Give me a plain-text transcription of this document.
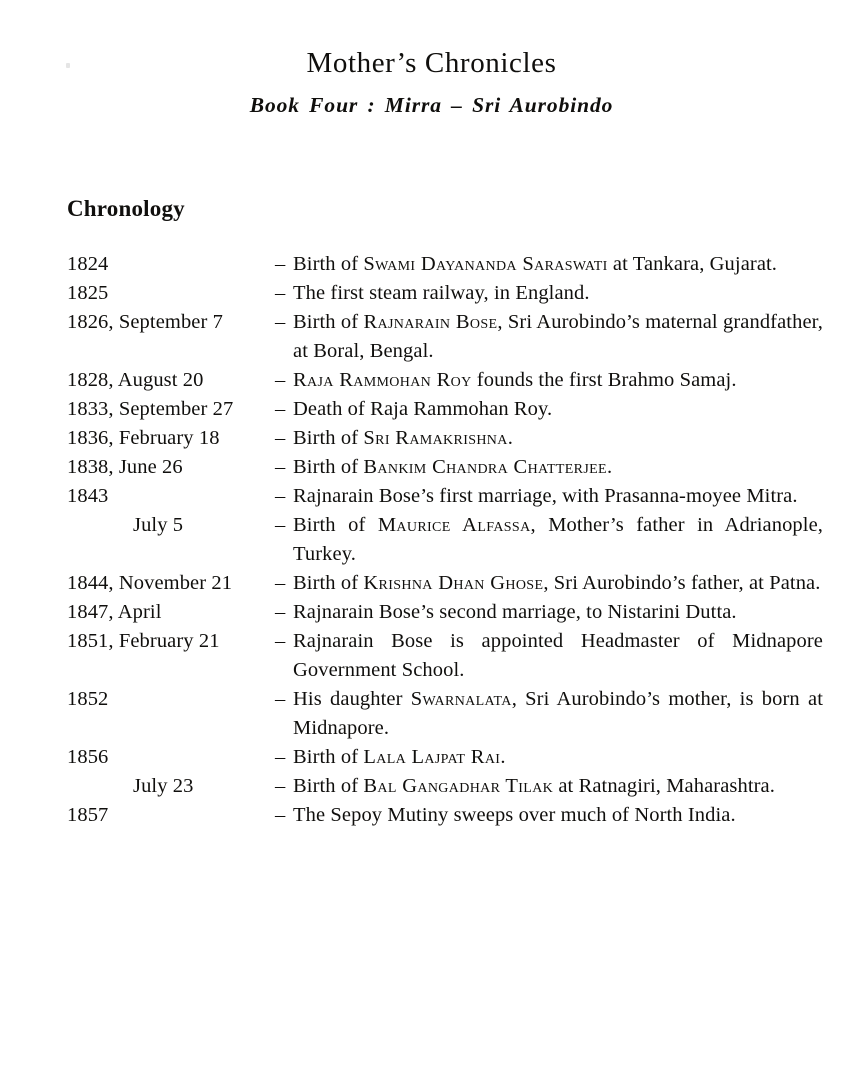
Mother’s Chronicles
Book Four : Mirra – Sri Aurobindo
Chronology
1824	– Birth of Swami Dayananda Saraswati at Tankara, Gujarat.
1825	– The first steam railway, in England.
1826, September 7	– Birth of Rajnarain Bose, Sri Aurobindo’s maternal grandfather, at Boral, Bengal.
1828, August 20	– Raja Rammohan Roy founds the first Brahmo Samaj.
1833, September 27	– Death of Raja Rammohan Roy.
1836, February 18	– Birth of Sri Ramakrishna.
1838, June 26	– Birth of Bankim Chandra Chatterjee.
1843	– Rajnarain Bose’s first marriage, with Prasanna-moyee Mitra.
July 5	– Birth of Maurice Alfassa, Mother’s father in Adrianople, Turkey.
1844, November 21	– Birth of Krishna Dhan Ghose, Sri Aurobindo’s father, at Patna.
1847, April	– Rajnarain Bose’s second marriage, to Nistarini Dutta.
1851, February 21	– Rajnarain Bose is appointed Headmaster of Midnapore Government School.
1852	– His daughter Swarnalata, Sri Aurobindo’s mother, is born at Midnapore.
1856	– Birth of Lala Lajpat Rai.
July 23	– Birth of Bal Gangadhar Tilak at Ratnagiri, Maharashtra.
1857	– The Sepoy Mutiny sweeps over much of North India.
